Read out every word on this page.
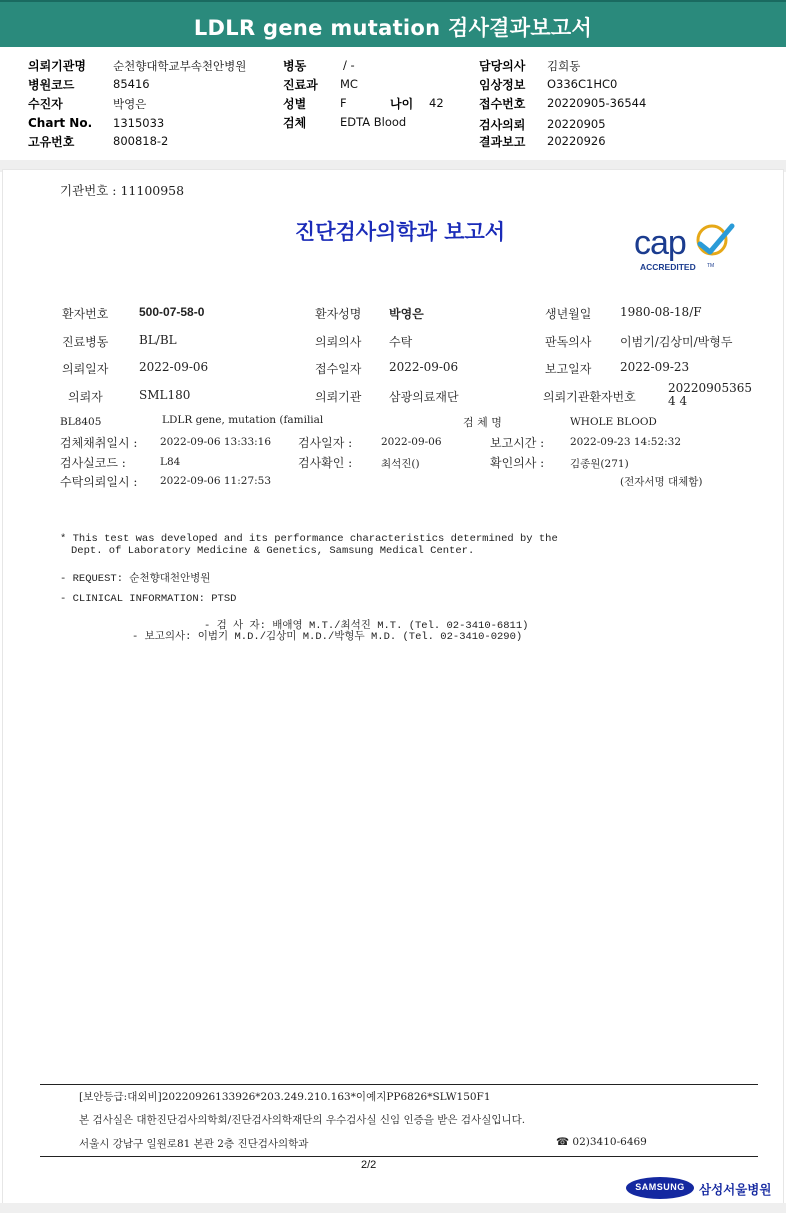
LDLR gene mutation 검사결과보고서
의뢰기관명 순천향대학교부속천안병원
병원코드	85416
수진자	박영은
Chart No. 1315033
고유번호	800818-2
병동	/ -
진료과 MC
성별	F	나이 42
검체	EDTA Blood
담당의사 김희동
임상정보 O336C1HC0
접수번호 20220905-36544
검사의뢰 20220905
결과보고 20220926
기관번호 : 11100958
진단검사의학과 보고서	cap
ACCREDITED TM
환자번호	500-07-58-0	환자성명 박영은	생년월일 1980-08-18/F
진료병동	BL/BL	의뢰의사 수탁	판독의사 이범기/김상미/박형두
의뢰일자	2022-09-06	접수일자 2022-09-06	보고일자 2022-09-23
의뢰자	SML180	의뢰기관 삼광의료재단	의뢰기관환자번호
202209053654 4
BL8405	LDLR gene, mutation (familial	검 체 명	WHOLE BLOOD
검체채취일시 : 2022-09-06 13:33:16 검사일자 :	2022-09-06	보고시간 : 2022-09-23 14:52:32
검사실코드 :	L84	검사확인 :	최석진()	확인의사 : 김종원(271)
수탁의뢰일시 : 2022-09-06 11:27:53	(전자서명 대체함)
* This test was developed and its performance characteristics determined by the
Dept. of Laboratory Medicine & Genetics, Samsung Medical Center.
- REQUEST: 순천향대천안병원
- CLINICAL INFORMATION: PTSD
- 검 사 자: 배애영 M.T./최석진 M.T. (Tel. 02-3410-6811)
- 보고의사: 이범기 M.D./김상미 M.D./박형두 M.D. (Tel. 02-3410-0290)
[보안등급:대외비]20220926133926*203.249.210.163*이예지PP6826*SLW150F1
본 검사실은 대한진단검사의학회/진단검사의학재단의 우수검사실 신임 인증을 받은 검사실입니다.
서울시 강남구 일원로81 본관 2층 진단검사의학과	☎ 02)3410-6469
2/2
SAMSUNG	삼성서울병원
